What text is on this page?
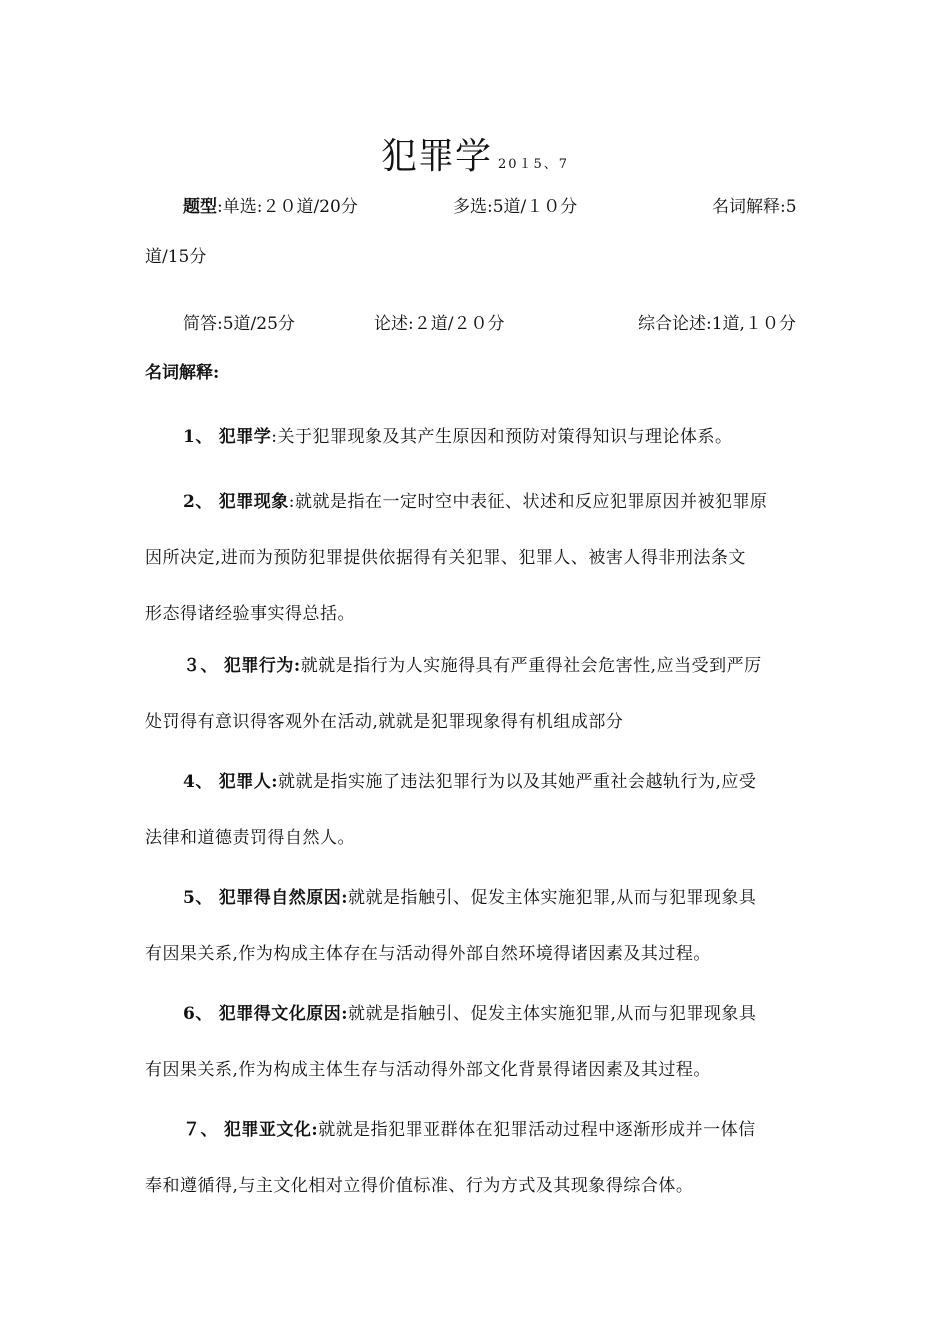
犯罪学 20１5、7
题型:单选:２０道/20分	多选:5道/１０分	名词解释:5
道/15分
简答:5道/25分	论述:２道/２０分	综合论述:1道,１０分
名词解释:
1、 犯罪学:关于犯罪现象及其产生原因和预防对策得知识与理论体系。
2、 犯罪现象:就就是指在一定时空中表征、状述和反应犯罪原因并被犯罪原
因所决定,进而为预防犯罪提供依据得有关犯罪、犯罪人、被害人得非刑法条文
形态得诸经验事实得总括。
３、 犯罪行为:就就是指行为人实施得具有严重得社会危害性,应当受到严厉
处罚得有意识得客观外在活动,就就是犯罪现象得有机组成部分
4、 犯罪人:就就是指实施了违法犯罪行为以及其她严重社会越轨行为,应受
法律和道德责罚得自然人。
5、 犯罪得自然原因:就就是指触引、促发主体实施犯罪,从而与犯罪现象具
有因果关系,作为构成主体存在与活动得外部自然环境得诸因素及其过程。
6、 犯罪得文化原因:就就是指触引、促发主体实施犯罪,从而与犯罪现象具
有因果关系,作为构成主体生存与活动得外部文化背景得诸因素及其过程。
７、 犯罪亚文化:就就是指犯罪亚群体在犯罪活动过程中逐渐形成并一体信
奉和遵循得,与主文化相对立得价值标准、行为方式及其现象得综合体。
